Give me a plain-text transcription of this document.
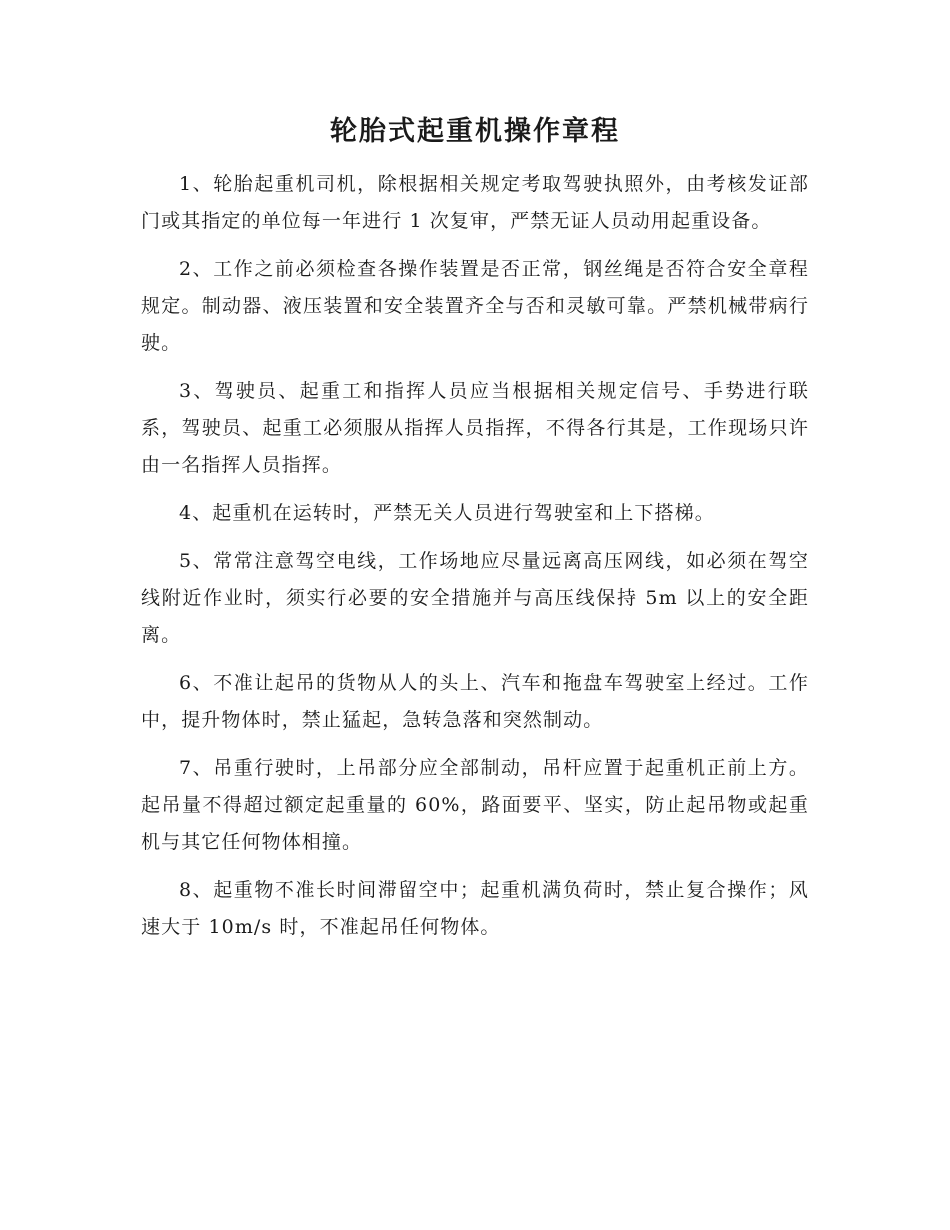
轮胎式起重机操作章程

1、轮胎起重机司机，除根据相关规定考取驾驶执照外，由考核发证部门或其指定的单位每一年进行 1 次复审，严禁无证人员动用起重设备。

2、工作之前必须检查各操作装置是否正常，钢丝绳是否符合安全章程规定。制动器、液压装置和安全装置齐全与否和灵敏可靠。严禁机械带病行驶。

3、驾驶员、起重工和指挥人员应当根据相关规定信号、手势进行联系，驾驶员、起重工必须服从指挥人员指挥，不得各行其是，工作现场只许由一名指挥人员指挥。

4、起重机在运转时，严禁无关人员进行驾驶室和上下搭梯。

5、常常注意驾空电线，工作场地应尽量远离高压网线，如必须在驾空线附近作业时，须实行必要的安全措施并与高压线保持 5m 以上的安全距离。

6、不准让起吊的货物从人的头上、汽车和拖盘车驾驶室上经过。工作中，提升物体时，禁止猛起，急转急落和突然制动。

7、吊重行驶时，上吊部分应全部制动，吊杆应置于起重机正前上方。起吊量不得超过额定起重量的 60%，路面要平、坚实，防止起吊物或起重机与其它任何物体相撞。

8、起重物不准长时间滞留空中；起重机满负荷时，禁止复合操作；风速大于 10m/s 时，不准起吊任何物体。
